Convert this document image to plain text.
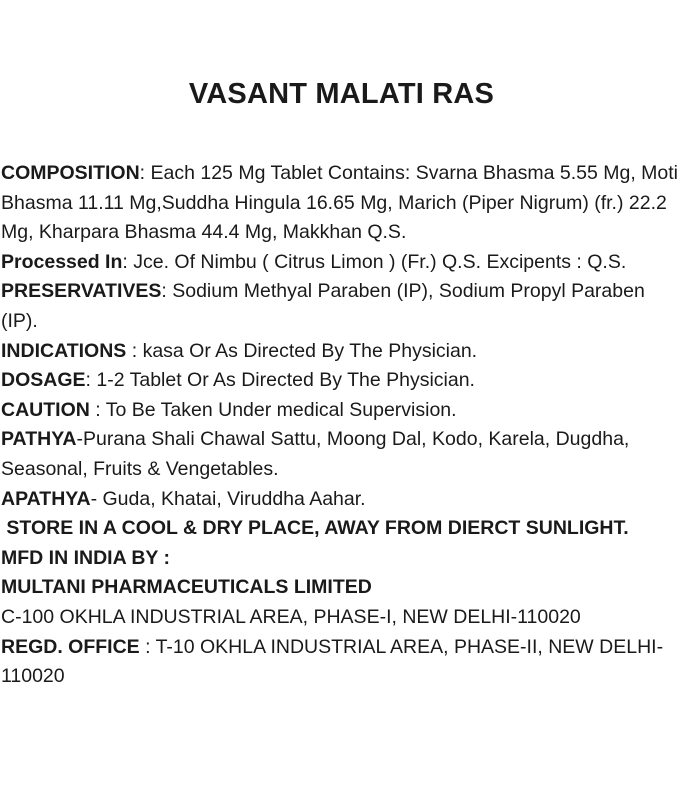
VASANT MALATI RAS

COMPOSITION: Each 125 Mg Tablet Contains: Svarna Bhasma 5.55 Mg, Moti Bhasma 11.11 Mg,Suddha Hingula 16.65 Mg, Marich (Piper Nigrum) (fr.) 22.2 Mg, Kharpara Bhasma 44.4 Mg, Makkhan Q.S.

Processed In: Jce. Of Nimbu ( Citrus Limon ) (Fr.) Q.S. Excipents : Q.S.

PRESERVATIVES: Sodium Methyal Paraben (IP), Sodium Propyl Paraben (IP).

INDICATIONS : kasa Or As Directed By The Physician.

DOSAGE: 1-2 Tablet Or As Directed By The Physician.

CAUTION : To Be Taken Under medical Supervision.

PATHYA-Purana Shali Chawal Sattu, Moong Dal, Kodo, Karela, Dugdha, Seasonal, Fruits & Vengetables.

APATHYA- Guda, Khatai, Viruddha Aahar.

STORE IN A COOL & DRY PLACE, AWAY FROM DIERCT SUNLIGHT.

MFD IN INDIA BY :

MULTANI PHARMACEUTICALS LIMITED

C-100 OKHLA INDUSTRIAL AREA, PHASE-I, NEW DELHI-110020

REGD. OFFICE : T-10 OKHLA INDUSTRIAL AREA, PHASE-II, NEW DELHI-110020
